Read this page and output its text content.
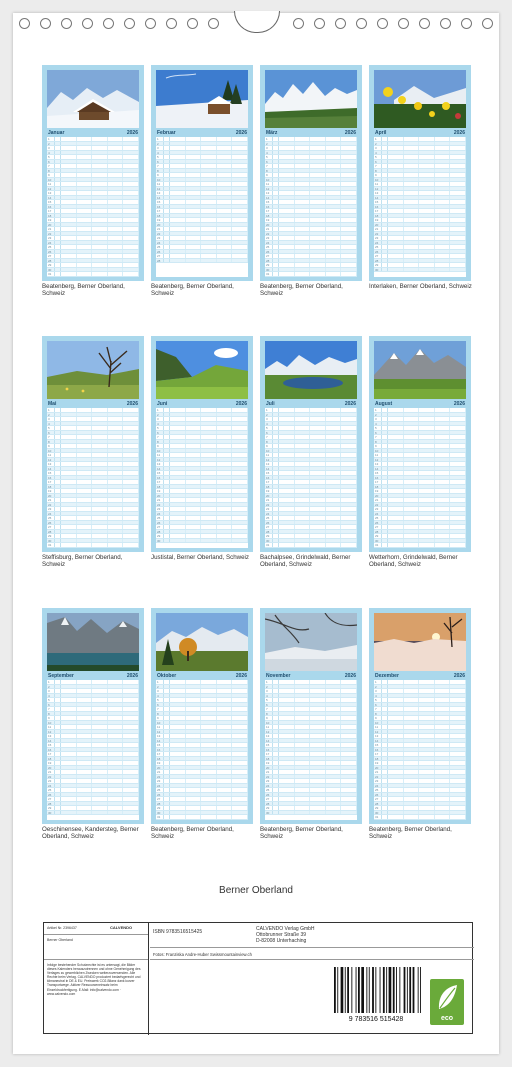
Januar	2026
1
2
3
4
5
6
7
8
9
10
11
12
13
14
15
16
17
18
19
20
21
22
23
24
25
26
27
28
29
30
31
Beatenberg, Berner Oberland, Schweiz
Februar	2026
1
2
3
4
5
6
7
8
9
10
11
12
13
14
15
16
17
18
19
20
21
22
23
24
25
26
27
28
Beatenberg, Berner Oberland, Schweiz
März	2026
1
2
3
4
5
6
7
8
9
10
11
12
13
14
15
16
17
18
19
20
21
22
23
24
25
26
27
28
29
30
31
Beatenberg, Berner Oberland, Schweiz
April	2026
1
2
3
4
5
6
7
8
9
10
11
12
13
14
15
16
17
18
19
20
21
22
23
24
25
26
27
28
29
30
Interlaken, Berner Oberland, Schweiz
Mai	2026
1
2
3
4
5
6
7
8
9
10
11
12
13
14
15
16
17
18
19
20
21
22
23
24
25
26
27
28
29
30
31
Steffisburg, Berner Oberland, Schweiz
Juni	2026
1
2
3
4
5
6
7
8
9
10
11
12
13
14
15
16
17
18
19
20
21
22
23
24
25
26
27
28
29
30
Justistal, Berner Oberland, Schweiz
Juli	2026
1
2
3
4
5
6
7
8
9
10
11
12
13
14
15
16
17
18
19
20
21
22
23
24
25
26
27
28
29
30
31
Bachalpsee, Grindelwald, Berner Oberland, Schweiz
August	2026
1
2
3
4
5
6
7
8
9
10
11
12
13
14
15
16
17
18
19
20
21
22
23
24
25
26
27
28
29
30
31
Wetterhorn, Grindelwald, Berner Oberland, Schweiz
September	2026
1
2
3
4
5
6
7
8
9
10
11
12
13
14
15
16
17
18
19
20
21
22
23
24
25
26
27
28
29
30
Oeschinensee, Kandersteg, Berner Oberland, Schweiz
Oktober	2026
1
2
3
4
5
6
7
8
9
10
11
12
13
14
15
16
17
18
19
20
21
22
23
24
25
26
27
28
29
30
31
Beatenberg, Berner Oberland, Schweiz
November	2026
1
2
3
4
5
6
7
8
9
10
11
12
13
14
15
16
17
18
19
20
21
22
23
24
25
26
27
28
29
30
Beatenberg, Berner Oberland, Schweiz
Dezember	2026
1
2
3
4
5
6
7
8
9
10
11
12
13
14
15
16
17
18
19
20
21
22
23
24
25
26
27
28
29
30
31
Beatenberg, Berner Oberland, Schweiz
Berner Oberland
Artikel Nr. 2396437	CALVENDO
Berner Oberland
Infolge bestehender Schutzrechte ist es untersagt, die Bilder dieses Kalenders herauszutrennen und ohne Genehmigung des Verlages zu gewerblichen Zwecken weiterzuverwenden. Alle Rechte beim Verlag. CALVENDO produziert bedarfsgerecht und klimaneutral in DE & EU. Preiswerk CO2-Bilanz dank kurzer Transportwege. Aktiver Ressourceneinsatz beim Einzeldruckfertigung. E-Mail: info@calvendo.com · www.calvendo.com
ISBN 9783516515425	CALVENDO Verlag GmbH
Ottobrunner Straße 39
D-82008 Unterhaching
Fotos: Franziska Andre-Huber Swissmountainview.ch
9 783516 515428	eco
